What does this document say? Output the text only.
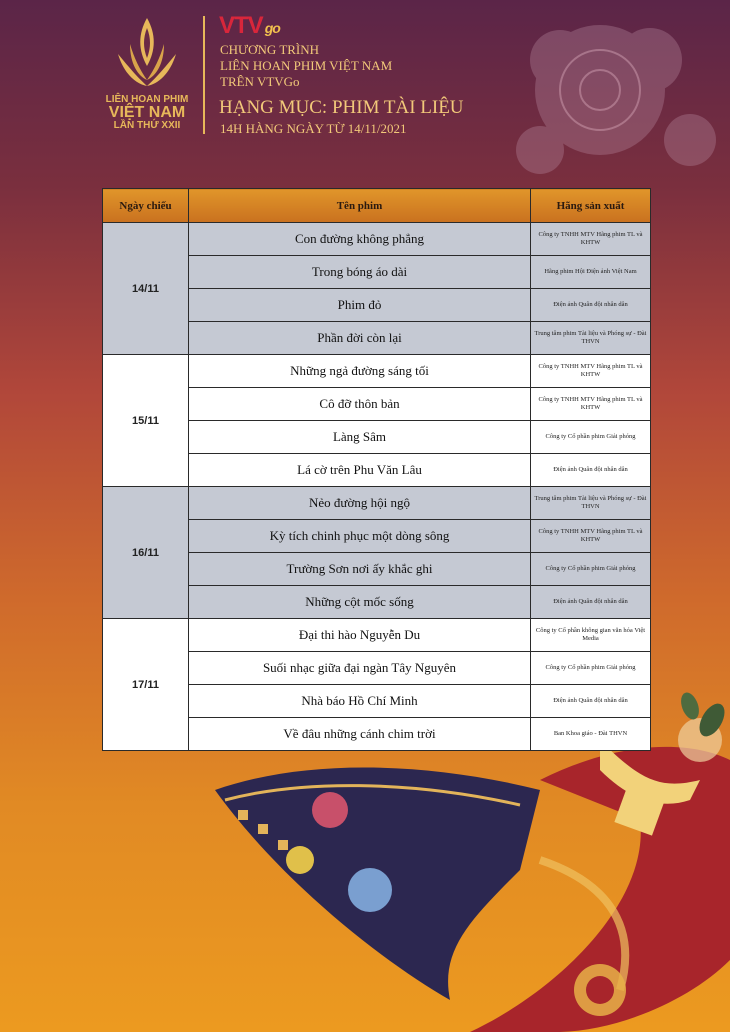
LIÊN HOAN PHIM
VIỆT NAM
LẦN THỨ XXII
VTV go
CHƯƠNG TRÌNH
LIÊN HOAN PHIM VIỆT NAM
TRÊN VTVGo
HẠNG MỤC: PHIM TÀI LIỆU
14H HÀNG NGÀY TỪ 14/11/2021
Ngày chiếu	Tên phim	Hãng sản xuất
14/11	Con đường không phẳng	Công ty TNHH MTV Hãng phim TL và KHTW
	Trong bóng áo dài	Hãng phim Hội Điện ảnh Việt Nam
	Phim đỏ	Điện ảnh Quân đội nhân dân
	Phần đời còn lại	Trung tâm phim Tài liệu và Phóng sự - Đài THVN
15/11	Những ngả đường sáng tối	Công ty TNHH MTV Hãng phim TL và KHTW
	Cô đỡ thôn bản	Công ty TNHH MTV Hãng phim TL và KHTW
	Làng Sâm	Công ty Cổ phần phim Giải phóng
	Lá cờ trên Phu Văn Lâu	Điện ảnh Quân đội nhân dân
16/11	Nẻo đường hội ngộ	Trung tâm phim Tài liệu và Phóng sự - Đài THVN
	Kỳ tích chinh phục một dòng sông	Công ty TNHH MTV Hãng phim TL và KHTW
	Trường Sơn nơi ấy khắc ghi	Công ty Cổ phần phim Giải phóng
	Những cột mốc sống	Điện ảnh Quân đội nhân dân
17/11	Đại thi hào Nguyễn Du	Công ty Cổ phần không gian văn hóa Việt Media
	Suối nhạc giữa đại ngàn Tây Nguyên	Công ty Cổ phần phim Giải phóng
	Nhà báo Hồ Chí Minh	Điện ảnh Quân đội nhân dân
	Về đâu những cánh chim trời	Ban Khoa giáo - Đài THVN
